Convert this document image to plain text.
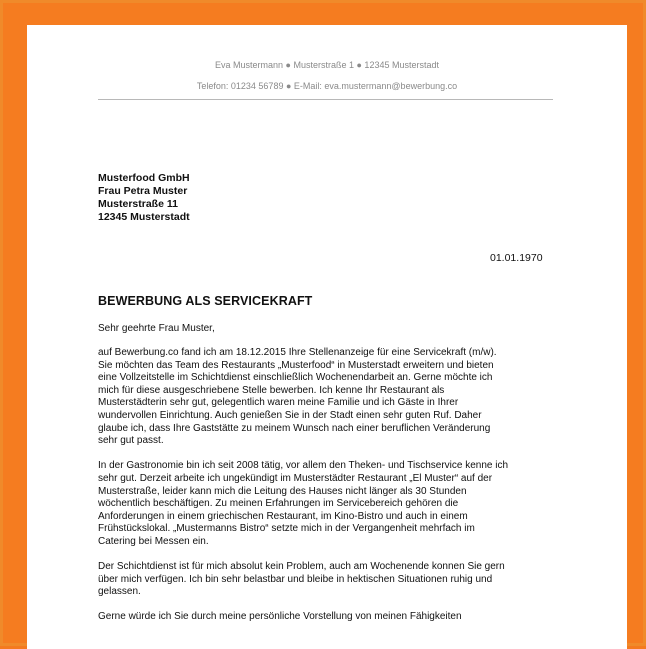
Eva Mustermann ● Musterstraße 1 ● 12345 Musterstadt
Telefon: 01234 56789 ● E-Mail: eva.mustermann@bewerbung.co
Musterfood GmbH
Frau Petra Muster
Musterstraße 11
12345 Musterstadt
01.01.1970
BEWERBUNG ALS SERVICEKRAFT
Sehr geehrte Frau Muster,

auf Bewerbung.co fand ich am 18.12.2015 Ihre Stellenanzeige für eine Servicekraft (m/w).
Sie möchten das Team des Restaurants „Musterfood“ in Musterstadt erweitern und bieten
eine Vollzeitstelle im Schichtdienst einschließlich Wochenendarbeit an. Gerne möchte ich
mich für diese ausgeschriebene Stelle bewerben. Ich kenne Ihr Restaurant als
Musterstädterin sehr gut, gelegentlich waren meine Familie und ich Gäste in Ihrer
wundervollen Einrichtung. Auch genießen Sie in der Stadt einen sehr guten Ruf. Daher
glaube ich, dass Ihre Gaststätte zu meinem Wunsch nach einer beruflichen Veränderung
sehr gut passt.

In der Gastronomie bin ich seit 2008 tätig, vor allem den Theken- und Tischservice kenne ich
sehr gut. Derzeit arbeite ich ungekündigt im Musterstädter Restaurant „El Muster“ auf der
Musterstraße, leider kann mich die Leitung des Hauses nicht länger als 30 Stunden
wöchentlich beschäftigen. Zu meinen Erfahrungen im Servicebereich gehören die
Anforderungen in einem griechischen Restaurant, im Kino-Bistro und auch in einem
Frühstückslokal. „Mustermanns Bistro“ setzte mich in der Vergangenheit mehrfach im
Catering bei Messen ein.

Der Schichtdienst ist für mich absolut kein Problem, auch am Wochenende konnen Sie gern
über mich verfügen. Ich bin sehr belastbar und bleibe in hektischen Situationen ruhig und
gelassen.

Gerne würde ich Sie durch meine persönliche Vorstellung von meinen Fähigkeiten
